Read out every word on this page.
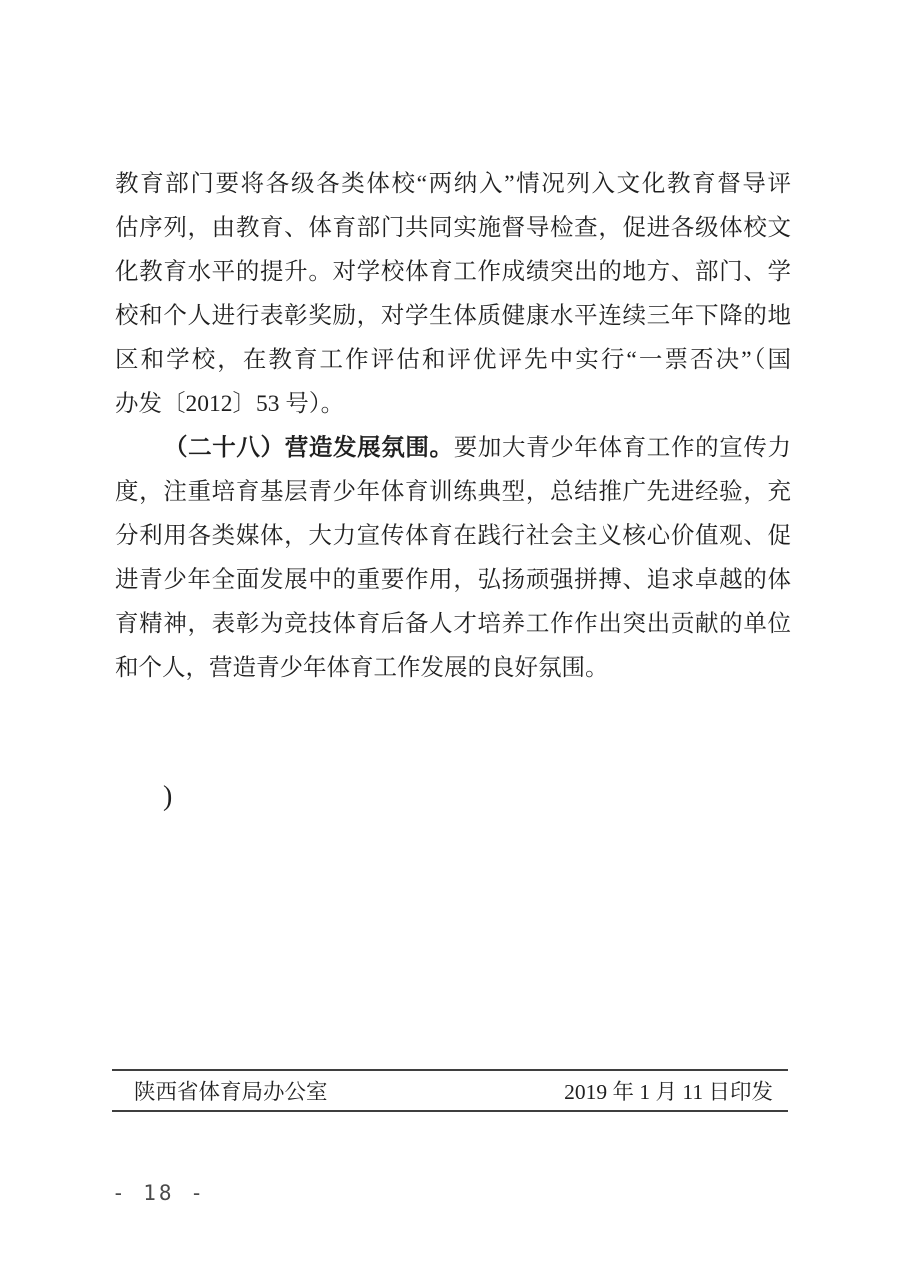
教育部门要将各级各类体校“两纳入”情况列入文化教育督导评
估序列，由教育、体育部门共同实施督导检查，促进各级体校文
化教育水平的提升。对学校体育工作成绩突出的地方、部门、学
校和个人进行表彰奖励，对学生体质健康水平连续三年下降的地
区和学校，在教育工作评估和评优评先中实行“一票否决”（国
办发〔2012〕53 号）。
（二十八）营造发展氛围。要加大青少年体育工作的宣传力
度，注重培育基层青少年体育训练典型，总结推广先进经验，充
分利用各类媒体，大力宣传体育在践行社会主义核心价值观、促
进青少年全面发展中的重要作用，弘扬顽强拼搏、追求卓越的体
育精神，表彰为竞技体育后备人才培养工作作出突出贡献的单位
和个人，营造青少年体育工作发展的良好氛围。
)
陕西省体育局办公室	2019 年 1 月 11 日印发
- 18 -
